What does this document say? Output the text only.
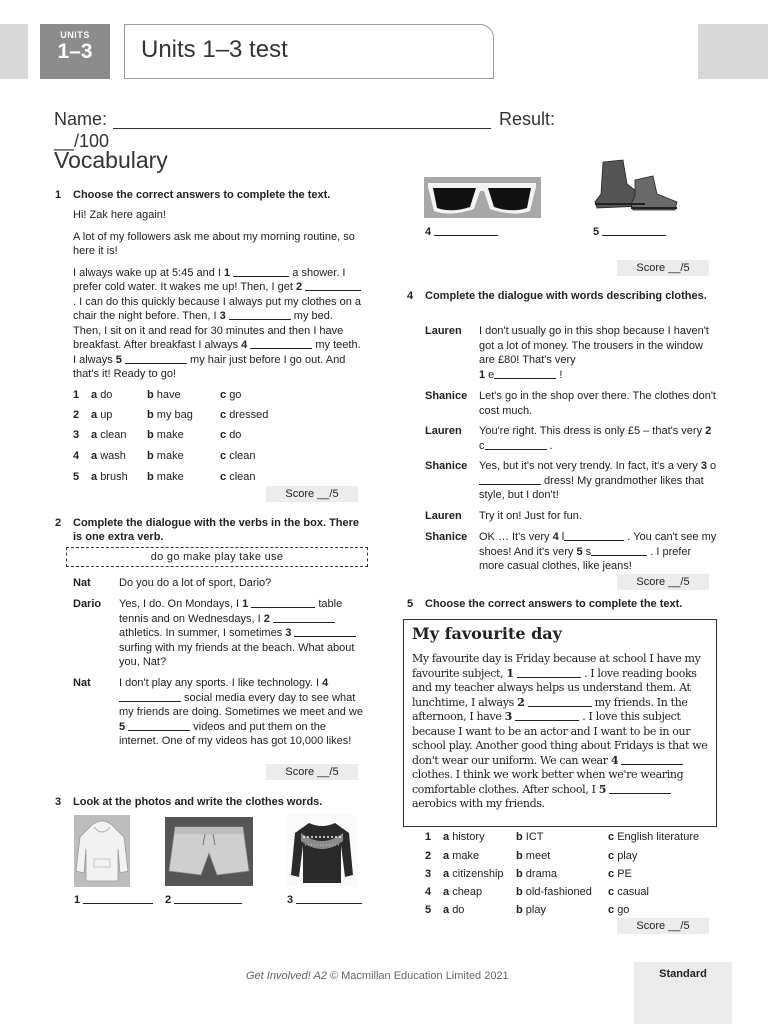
UNITS
1–3	Units 1–3 test
Name:	Result: __/100
Vocabulary
1 Choose the correct answers to complete the text.
Hi! Zak here again!
A lot of my followers ask me about my morning routine, so here it is!
I always wake up at 5:45 and I 1	a shower. I prefer cold water. It wakes me up! Then, I get 2  . I can do this quickly because I always put my clothes on a chair the night before. Then, I 3	my bed. Then, I sit on it and read for 30 minutes and then I have breakfast. After breakfast I always 4	my teeth. I always 5	my hair just before I go out. And that's it! Ready to go!
1 a do	b have	c go
2 a up	b my bag c dressed
3 a clean b make	c do
4 a wash b make	c clean
5 a brush b make	c clean
Score __/5
2 Complete the dialogue with the verbs in the box. There is one extra verb.
do go make play take use
Nat	Do you do a lot of sport, Dario?
Dario Yes, I do. On Mondays, I 1	table tennis and on Wednesdays, I 2  athletics. In summer, I sometimes 3  surfing with my friends at the beach. What about you, Nat?
Nat	I don't play any sports. I like technology. I 4  social media every day to see what my friends are doing. Sometimes we meet and we 5	videos and put them on the internet. One of my videos has got 10,000 likes!
Score __/5
3 Look at the photos and write the clothes words.
1	2	3
4	5
Score __/5
4 Complete the dialogue with words describing clothes.
Lauren I don't usually go in this shop because I haven't got a lot of money. The trousers in the window are £80! That's very
1 e	!
Shanice Let's go in the shop over there. The clothes don't cost much.
Lauren You're right. This dress is only £5 – that's very 2 c	.
Shanice Yes, but it's not very trendy. In fact, it's a very 3 o dress! My grandmother likes that style, but I don't!
Lauren Try it on! Just for fun.
Shanice OK … It's very 4 l	. You can't see my shoes! And it's very 5 s	. I prefer more casual clothes, like jeans!
Score __/5
5 Choose the correct answers to complete the text.
My favourite day
My favourite day is Friday because at school I have my favourite subject, 1	. I love reading books and my teacher always helps us understand them. At lunchtime, I always 2	my friends. In the afternoon, I have 3	. I love this subject because I want to be an actor and I want to be in our school play. Another good thing about Fridays is that we don't wear our uniform. We can wear 4  clothes. I think we work better when we're wearing comfortable clothes. After school, I 5  aerobics with my friends.
1 a history	b ICT	c English literature
2 a make	b meet	c play
3 a citizenship b drama	c PE
4 a cheap	b old-fashioned c casual
5 a do	b play	c go
Score __/5
Get Involved! A2 © Macmillan Education Limited 2021	Standard
